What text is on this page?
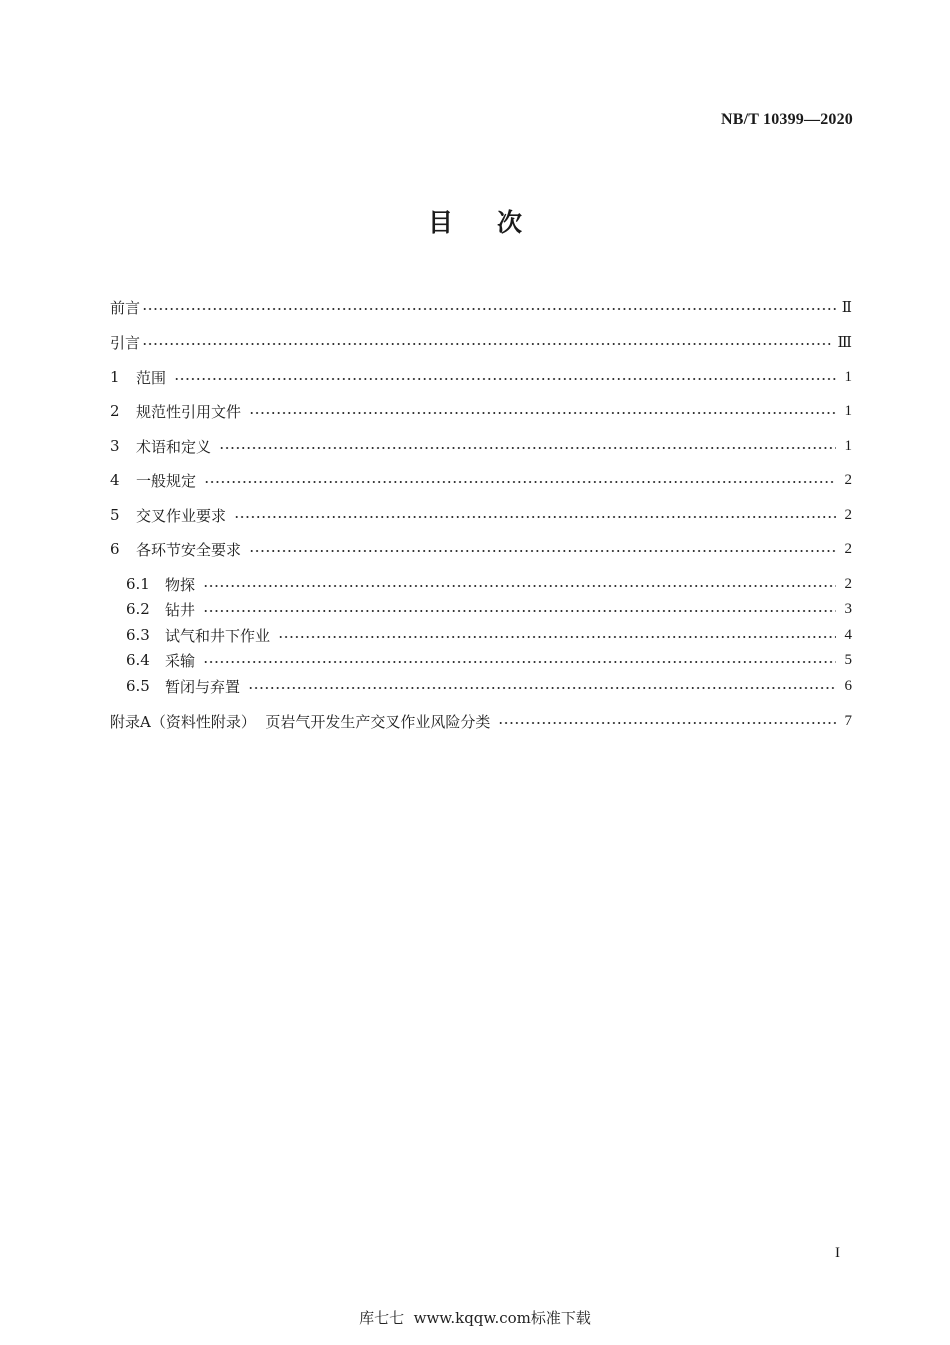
NB/T 10399—2020
目 次
前言	Ⅱ
引言	Ⅲ
1	范围	1
2	规范性引用文件	1
3	术语和定义	1
4	一般规定	2
5	交叉作业要求	2
6	各环节安全要求	2
6.1	物探	2
6.2	钻井	3
6.3	试气和井下作业	4
6.4	采输	5
6.5	暂闭与弃置	6
附录A（资料性附录）  页岩气开发生产交叉作业风险分类	7
I
库七七  www.kqqw.com标准下载
